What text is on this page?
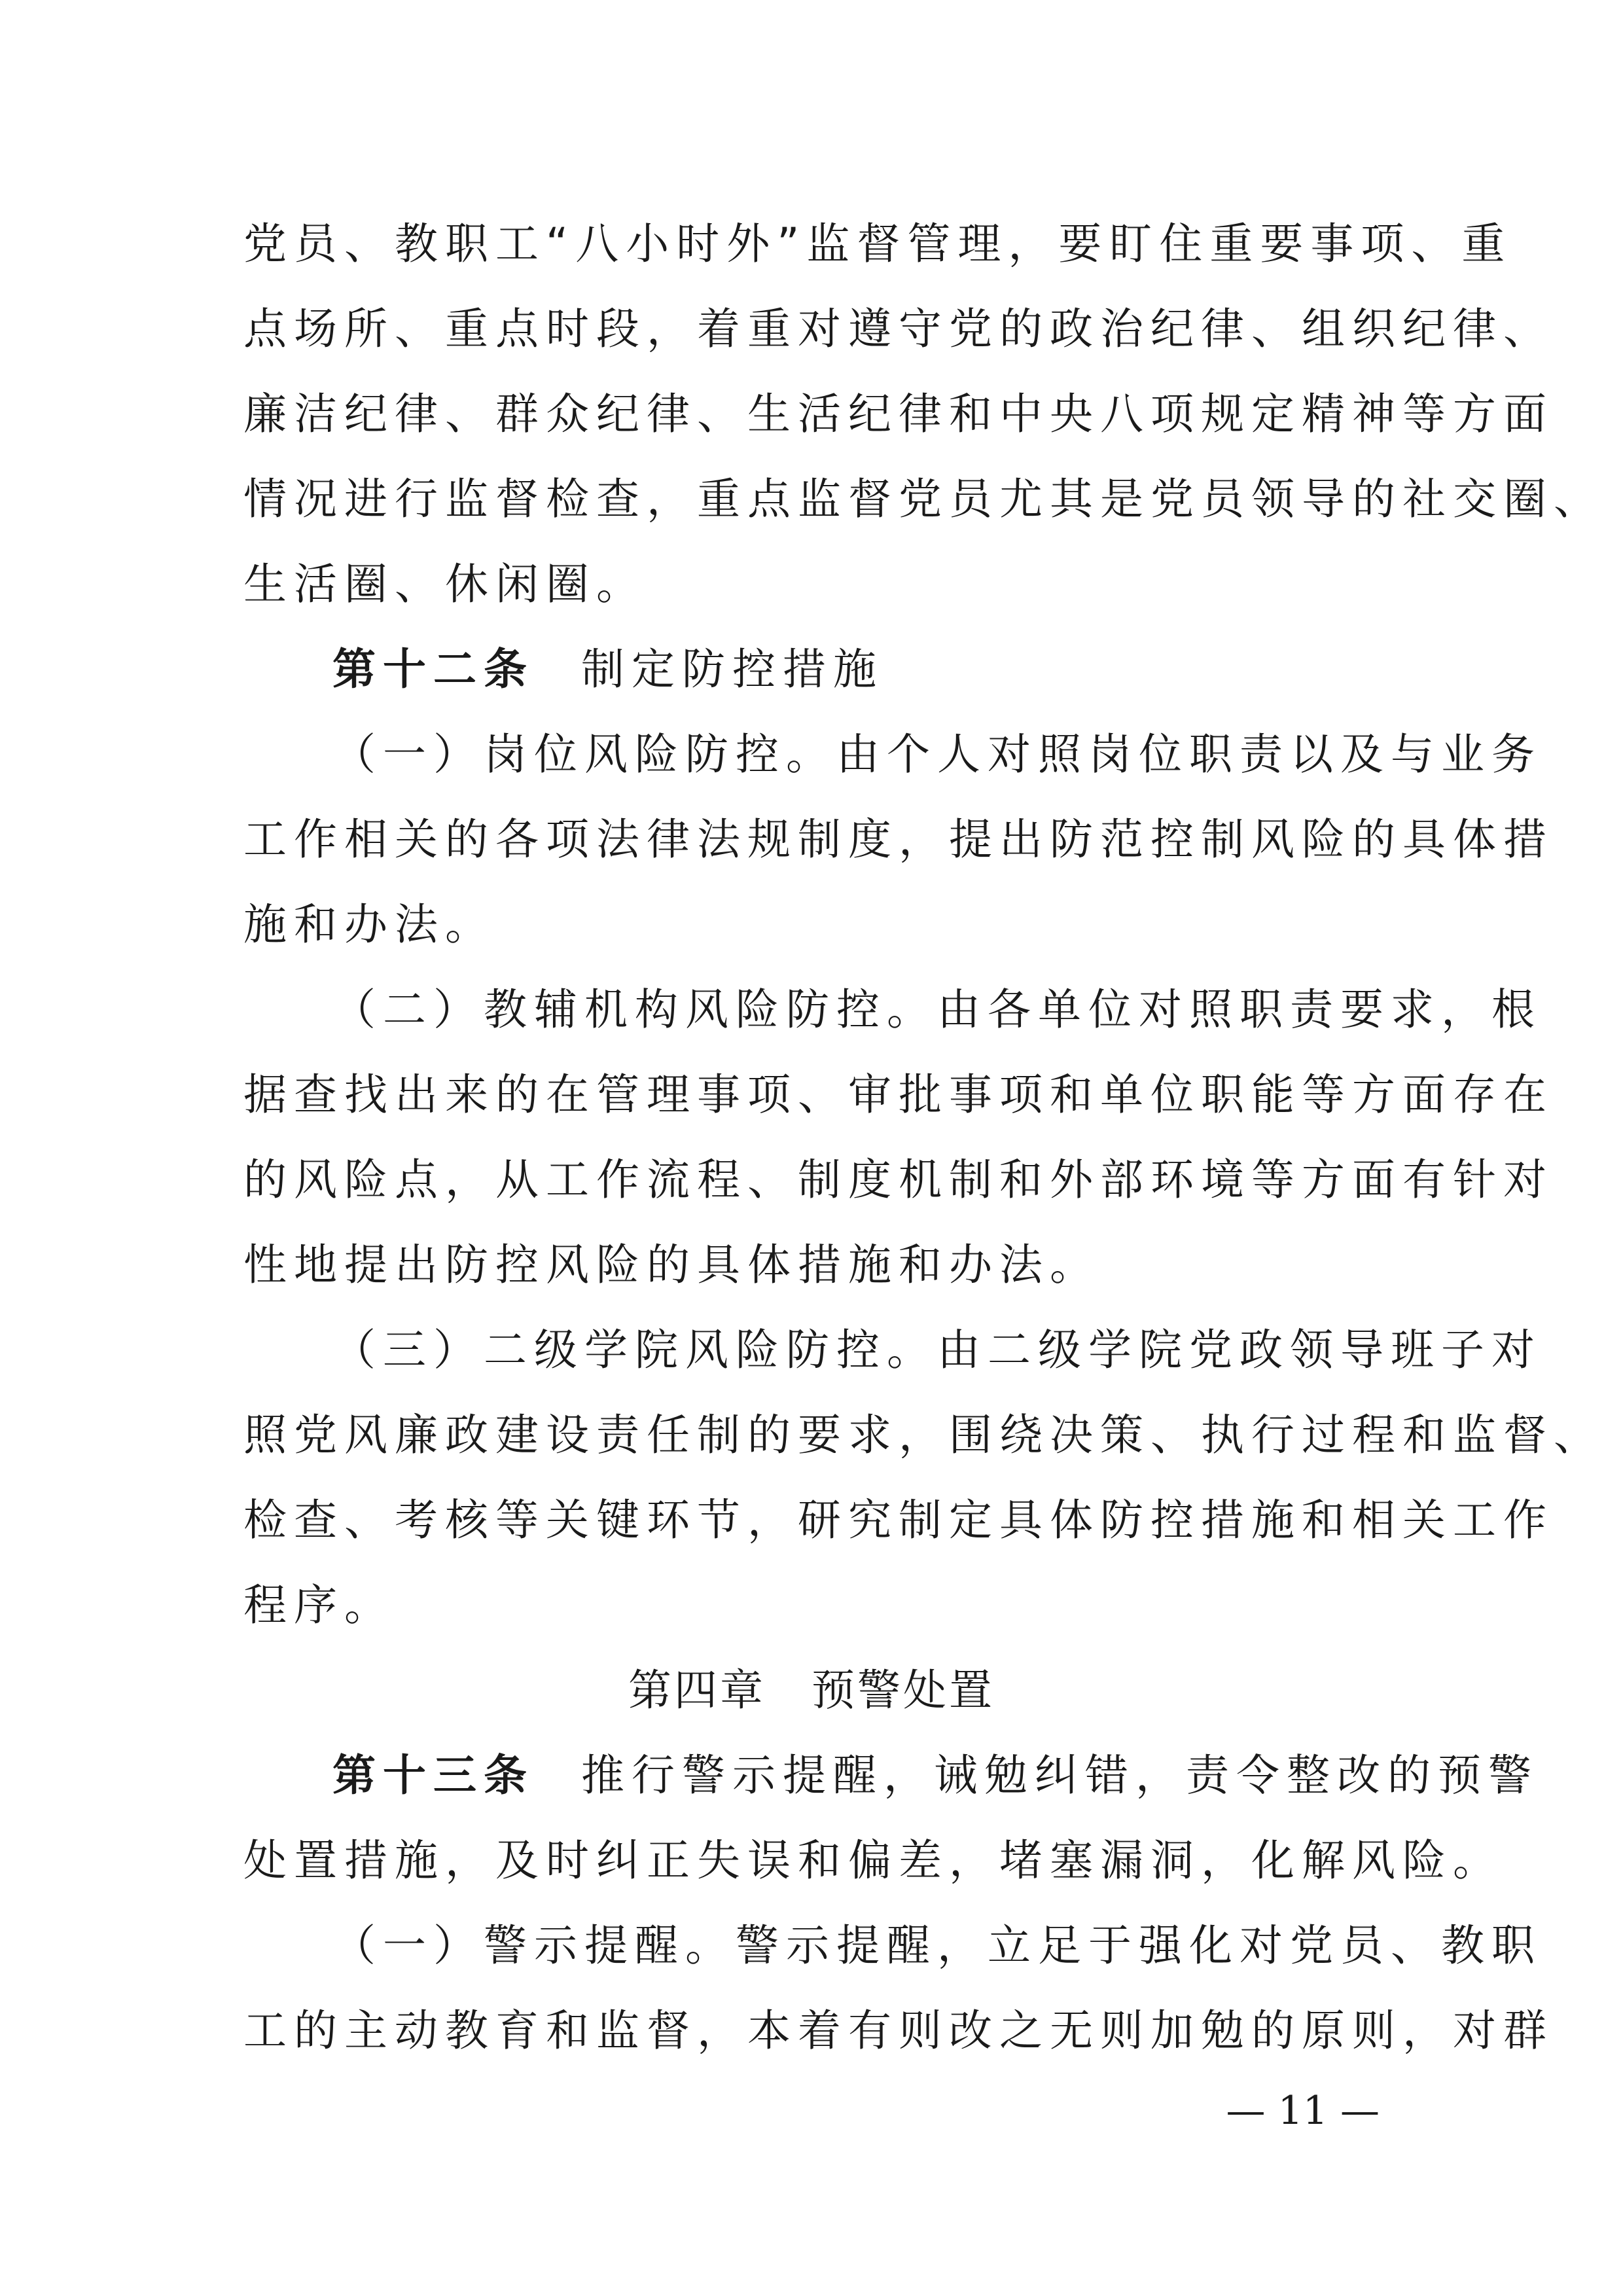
党员、教职工“八小时外”监督管理，要盯住重要事项、重
点场所、重点时段，着重对遵守党的政治纪律、组织纪律、
廉洁纪律、群众纪律、生活纪律和中央八项规定精神等方面
情况进行监督检查，重点监督党员尤其是党员领导的社交圈、
生活圈、休闲圈。
第十二条 制定防控措施
（一）岗位风险防控。由个人对照岗位职责以及与业务
工作相关的各项法律法规制度，提出防范控制风险的具体措
施和办法。
（二）教辅机构风险防控。由各单位对照职责要求，根
据查找出来的在管理事项、审批事项和单位职能等方面存在
的风险点，从工作流程、制度机制和外部环境等方面有针对
性地提出防控风险的具体措施和办法。
（三）二级学院风险防控。由二级学院党政领导班子对
照党风廉政建设责任制的要求，围绕决策、执行过程和监督、
检查、考核等关键环节，研究制定具体防控措施和相关工作
程序。
第四章　预警处置
第十三条 推行警示提醒，诫勉纠错，责令整改的预警
处置措施，及时纠正失误和偏差，堵塞漏洞，化解风险。
（一）警示提醒。警示提醒，立足于强化对党员、教职
工的主动教育和监督，本着有则改之无则加勉的原则，对群
— 11 —
